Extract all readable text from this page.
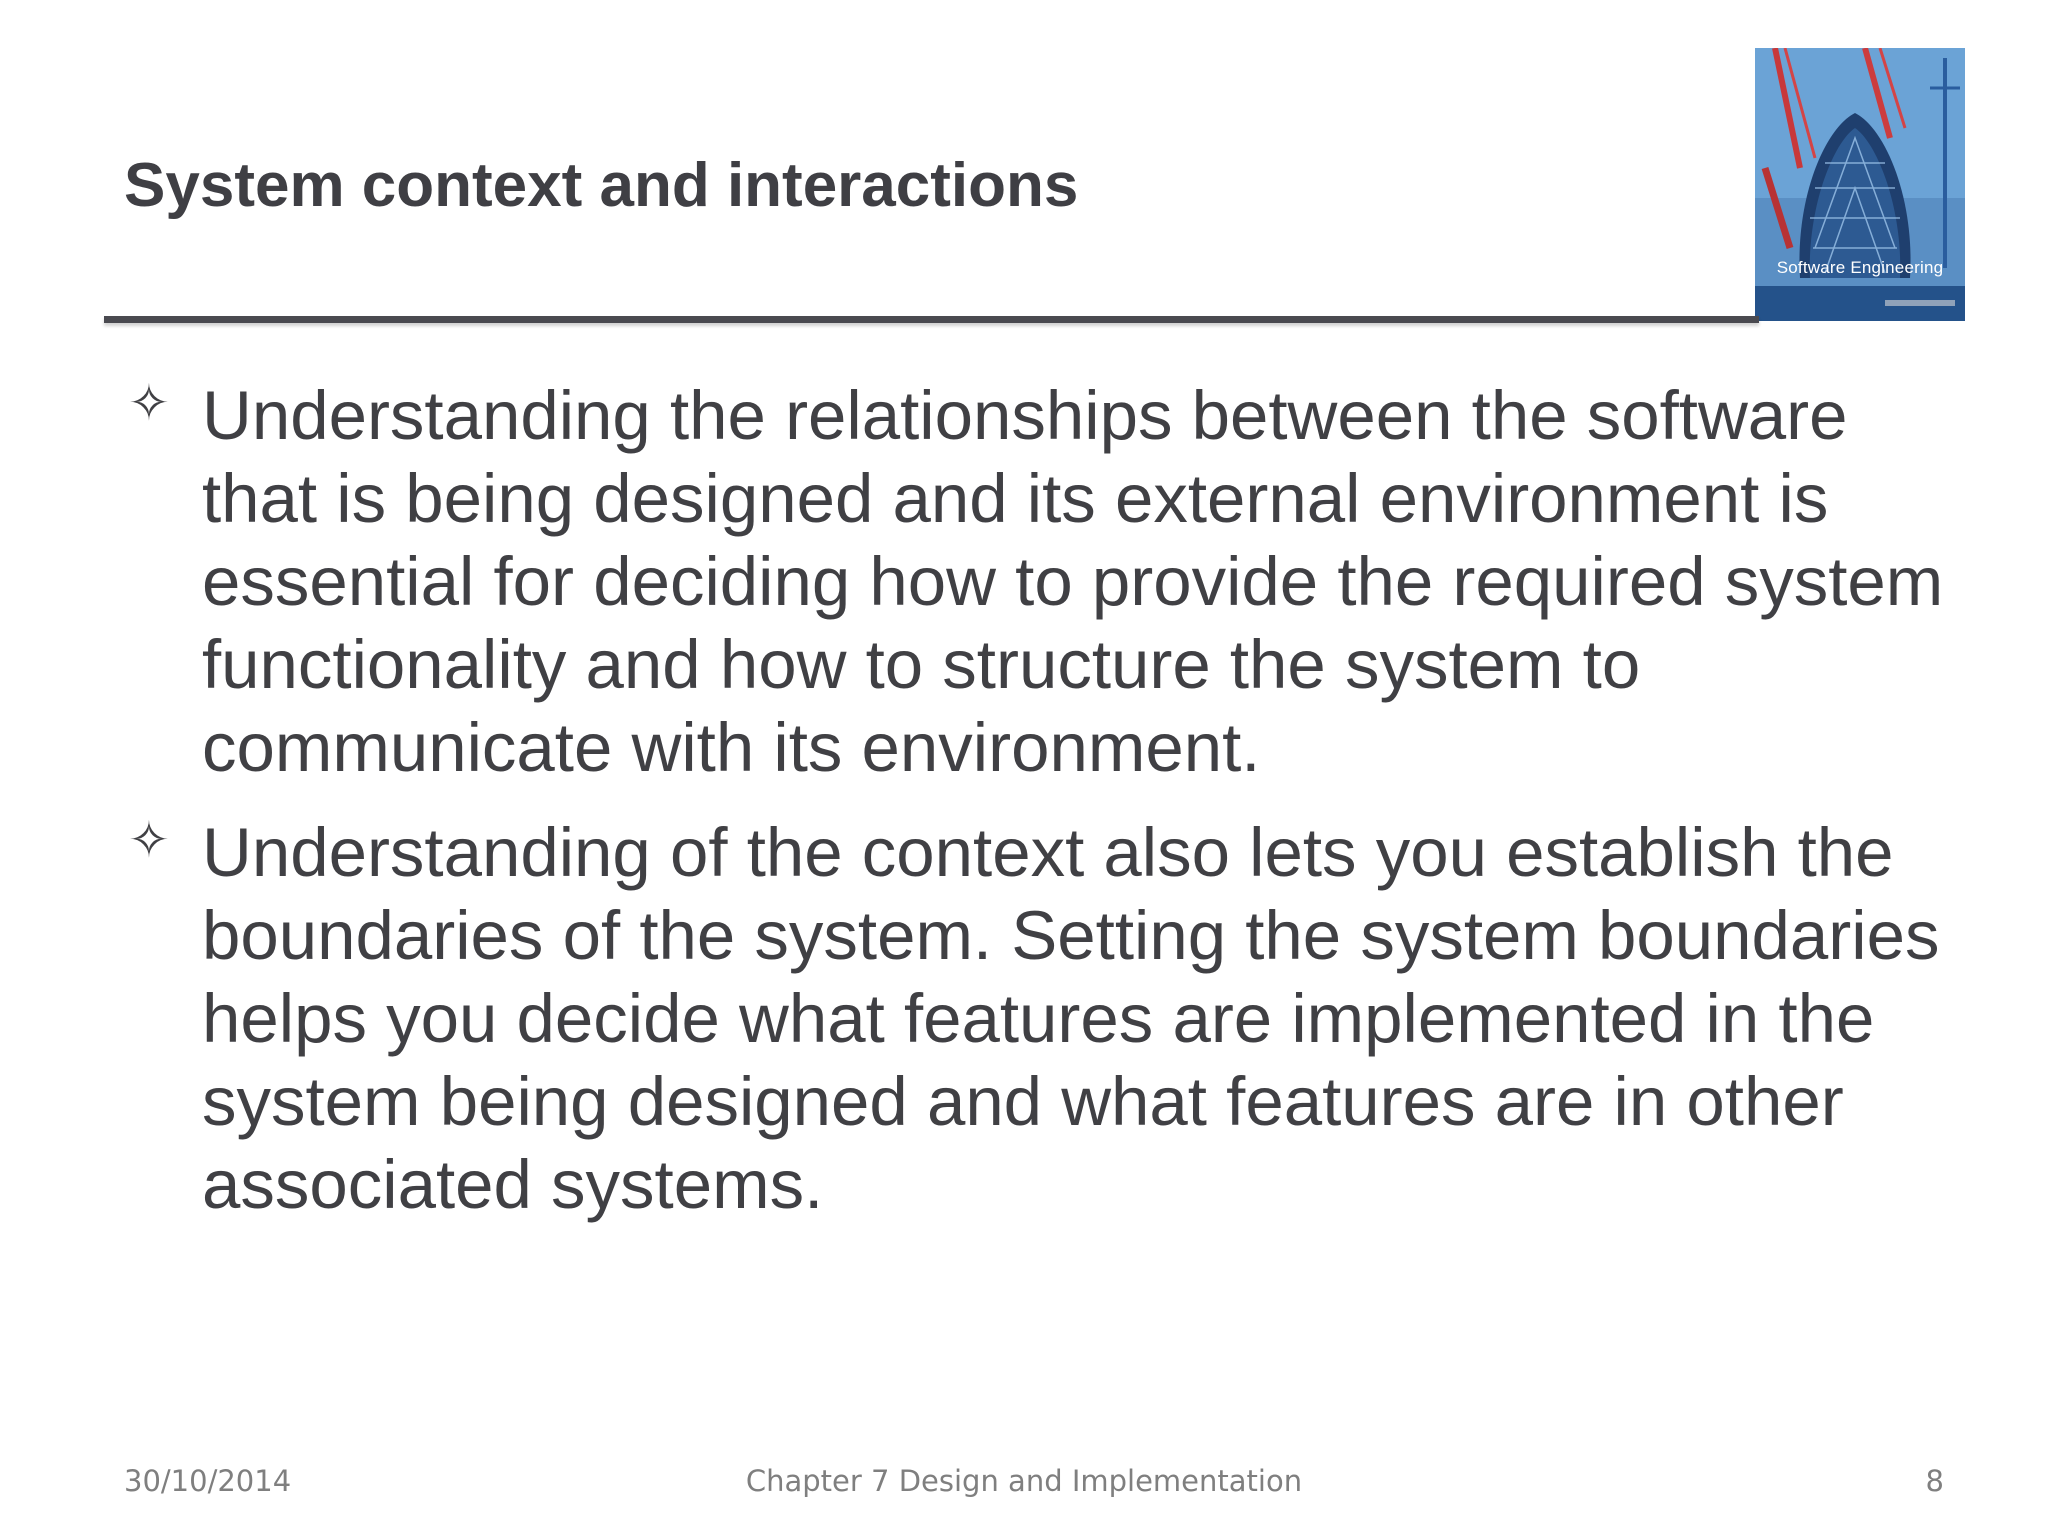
System context and interactions
Software Engineering
✧ Understanding the relationships between the software
that is being designed and its external environment is
essential for deciding how to provide the required system
functionality and how to structure the system to
communicate with its environment.
✧ Understanding of the context also lets you establish the
boundaries of the system. Setting the system boundaries
helps you decide what features are implemented in the
system being designed and what features are in other
associated systems.
30/10/2014	Chapter 7 Design and Implementation	8
